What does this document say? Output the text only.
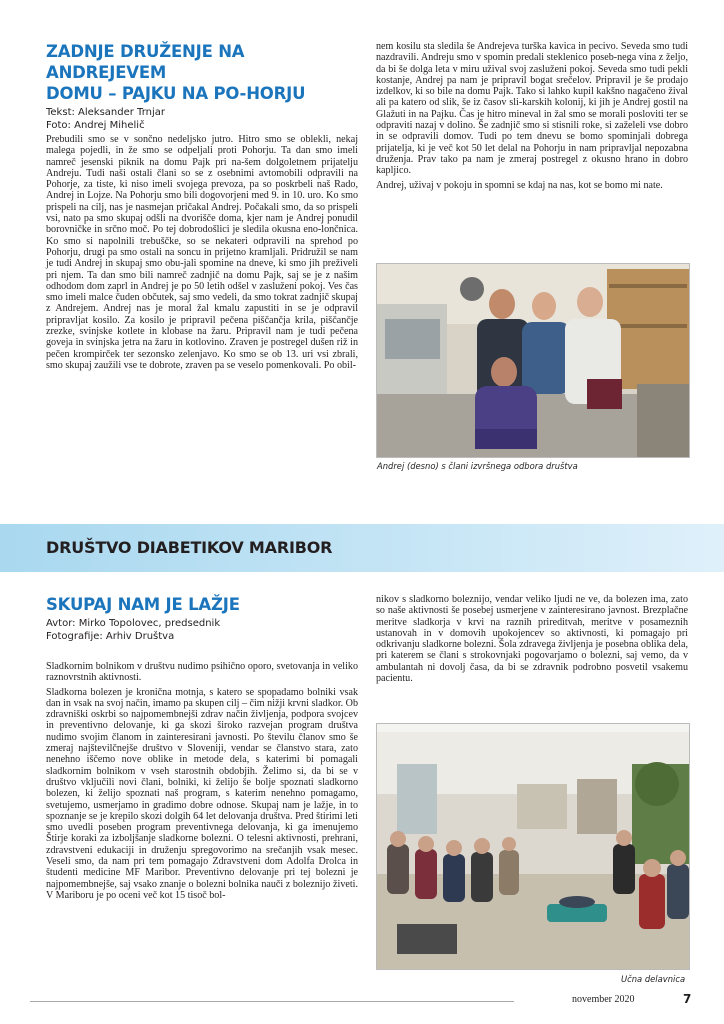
ZADNJE DRUŽENJE NA ANDREJEVEM
DOMU – PAJKU NA PO-HORJU
Tekst: Aleksander Trnjar
Foto: Andrej Mihelič

Prebudili smo se v sončno nedeljsko jutro. Hitro smo se oblekli, nekaj malega pojedli, in že smo se odpeljali proti Pohorju. Ta dan smo imeli namreč jesenski piknik na domu Pajk pri na-šem dolgoletnem prijatelju Andreju. Tudi naši ostali člani so se z osebnimi avtomobili odpravili na Pohorje, za tiste, ki niso imeli svojega prevoza, pa so poskrbeli naš Rado, Andrej in Lojze. Na Pohorju smo bili dogovorjeni med 9. in 10. uro. Ko smo prispeli na cilj, nas je nasmejan pričakal Andrej. Počakali smo, da so prispeli vsi, nato pa smo skupaj odšli na dvorišče doma, kjer nam je Andrej ponudil borovničke in srčno moč. Po tej dobrodošlici je sledila okusna eno-lončnica. Ko smo si napolnili trebuščke, so se nekateri odpravili na sprehod po Pohorju, drugi pa smo ostali na soncu in prijetno kramljali. Pridružil se nam je tudi Andrej in skupaj smo obu-jali spomine na dneve, ki smo jih preživeli pri njem. Ta dan smo bili namreč zadnjič na domu Pajk, saj se je z našim odhodom dom zaprl in Andrej je po 50 letih odšel v zasluženi pokoj. Ves čas smo imeli malce čuden občutek, saj smo vedeli, da smo tokrat zadnjič skupaj z Andrejem. Andrej nas je moral žal kmalu zapustiti in se je odpravil pripravljat kosilo. Za kosilo je pripravil pečena piščančja krila, piščančje zrezke, svinjske kotlete in klobase na žaru. Pripravil nam je tudi pečena goveja in svinjska jetra na žaru in kotlovino. Zraven je postregel dušen riž in pečen krompirček ter sezonsko zelenjavo. Ko smo se ob 13. uri vsi zbrali, smo skupaj zaužili vse te dobrote, zraven pa se veselo pomenkovali. Po obil-

nem kosilu sta sledila še Andrejeva turška kavica in pecivo. Seveda smo tudi nazdravili. Andreju smo v spomin predali steklenico poseb-nega vina z željo, da bi še dolga leta v miru užival svoj zasluženi pokoj. Seveda smo tudi pekli kostanje, Andrej pa nam je pripravil bogat srečelov. Pripravil je še prodajo izdelkov, ki so bile na domu Pajk. Tako si lahko kupil kakšno nagačeno žival ali pa katero od slik, še iz časov sli-karskih kolonij, ki jih je Andrej gostil na Glažuti in na Pajku. Čas je hitro mineval in žal smo se morali posloviti ter se odpraviti nazaj v dolino. Še zadnjič smo si stisnili roke, si zaželeli vse dobro in se odpravili domov. Tudi po tem dnevu se bomo spominjali dobrega prijatelja, ki je več kot 50 let delal na Pohorju in nam pripravljal nepozabna druženja. Prav tako pa nam je zmeraj postregel z okusno hrano in dobro kapljico.

Andrej, uživaj v pokoju in spomni se kdaj na nas, kot se bomo mi nate.

Andrej (desno) s člani izvršnega odbora društva
DRUŠTVO DIABETIKOV MARIBOR
SKUPAJ NAM JE LAŽJE
Avtor: Mirko Topolovec, predsednik
Fotografije: Arhiv Društva

Sladkornim bolnikom v društvu nudimo psihično oporo, svetovanja in veliko raznovrstnih aktivnosti.

Sladkorna bolezen je kronična motnja, s katero se spopadamo bolniki vsak dan in vsak na svoj način, imamo pa skupen cilj – čim nižji krvni sladkor. Ob zdravniški oskrbi so najpomembnejši zdrav način življenja, podpora svojcev in preventivno delovanje, ki ga skozi široko razvejan program društva nudimo svojim članom in zainteresirani javnosti. Po številu članov smo še zmeraj najštevilčnejše društvo v Sloveniji, vendar se članstvo stara, zato nenehno iščemo nove oblike in metode dela, s katerimi bi pomagali sladkornim bolnikom v vseh starostnih obdobjih. Želimo si, da bi se v društvo vključili novi člani, bolniki, ki želijo še bolje spoznati sladkorno bolezen, ki želijo spoznati naš program, s katerim nenehno pomagamo, svetujemo, usmerjamo in gradimo dobre odnose. Skupaj nam je lažje, in to spoznanje se je krepilo skozi dolgih 64 let delovanja društva. Pred štirimi leti smo uvedli poseben program preventivnega delovanja, ki ga imenujemo Štirje koraki za izboljšanje sladkorne bolezni. O telesni aktivnosti, prehrani, zdravstveni edukaciji in druženju spregovorimo na srečanjih vsak mesec. Veseli smo, da nam pri tem pomagajo Zdravstveni dom Adolfa Drolca in študenti medicine MF Maribor. Preventivno delovanje pri tej bolezni je najpomembnejše, saj vsako znanje o bolezni bolnika nauči z boleznijo živeti. V Mariboru je po oceni več kot 15 tisoč bol-

nikov s sladkorno boleznijo, vendar veliko ljudi ne ve, da bolezen ima, zato so naše aktivnosti še posebej usmerjene v zainteresirano javnost. Brezplačne meritve sladkorja v krvi na raznih prireditvah, meritve v posameznih ustanovah in v domovih upokojencev so aktivnosti, ki pomagajo pri odkrivanju sladkorne bolezni. Šola zdravega življenja je posebna oblika dela, pri katerem se člani s strokovnjaki pogovarjamo o bolezni, saj vemo, da v ambulantah ni dovolj časa, da bi se zdravnik podrobno posvetil vsakemu pacientu.

Učna delavnica
november 2020	7
